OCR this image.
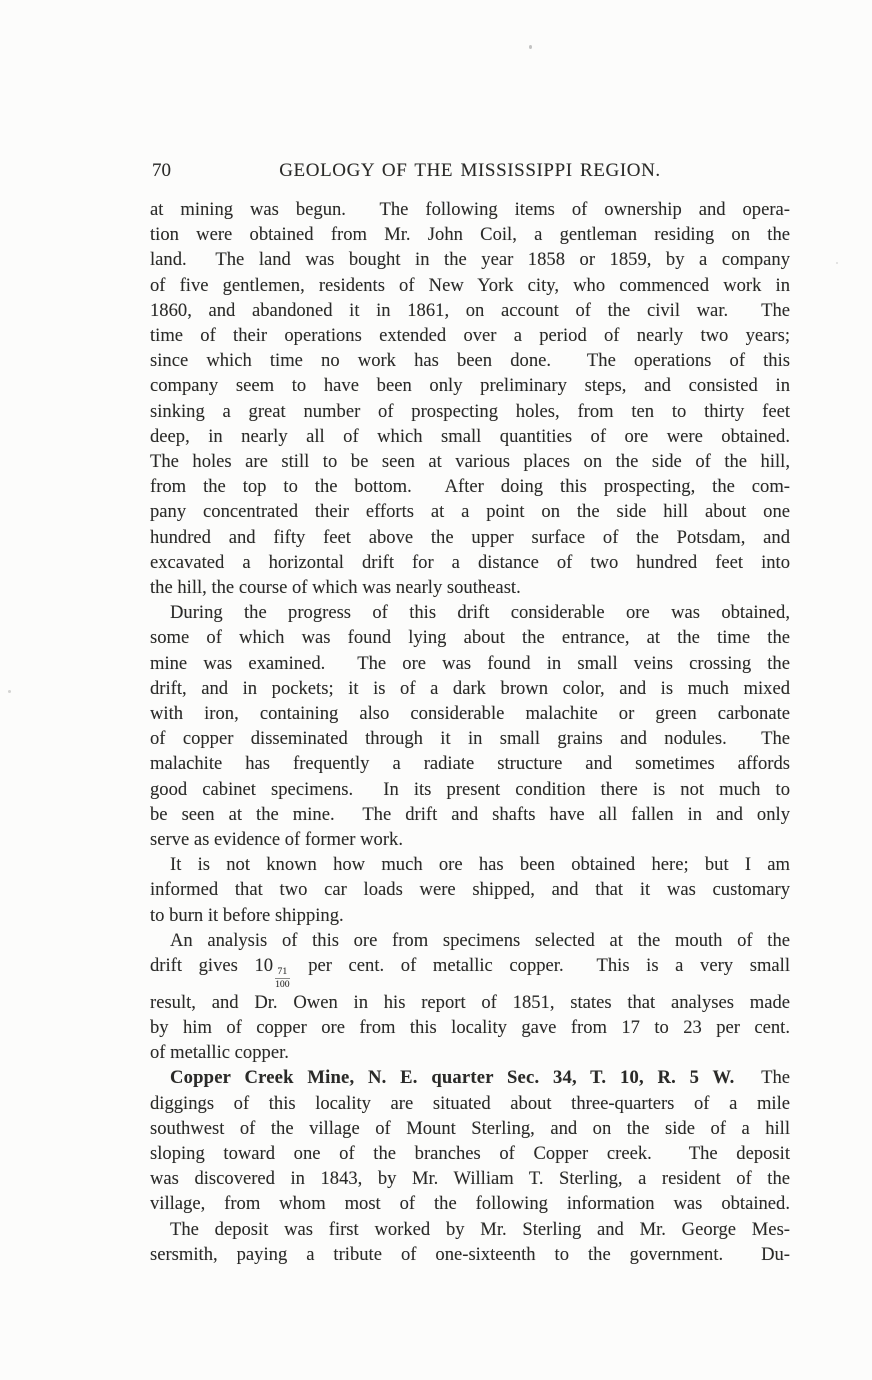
70	GEOLOGY OF THE MISSISSIPPI REGION.
at mining was begun.  The following items of ownership and opera-
tion were obtained from Mr. John Coil, a gentleman residing on the
land.  The land was bought in the year 1858 or 1859, by a company
of five gentlemen, residents of New York city, who commenced work in
1860, and abandoned it in 1861, on account of the civil war.  The
time of their operations extended over a period of nearly two years;
since which time no work has been done.  The operations of this
company seem to have been only preliminary steps, and consisted in
sinking a great number of prospecting holes, from ten to thirty feet
deep, in nearly all of which small quantities of ore were obtained.
The holes are still to be seen at various places on the side of the hill,
from the top to the bottom.  After doing this prospecting, the com-
pany concentrated their efforts at a point on the side hill about one
hundred and fifty feet above the upper surface of the Potsdam, and
excavated a horizontal drift for a distance of two hundred feet into
the hill, the course of which was nearly southeast.
During the progress of this drift considerable ore was obtained,
some of which was found lying about the entrance, at the time the
mine was examined.  The ore was found in small veins crossing the
drift, and in pockets; it is of a dark brown color, and is much mixed
with iron, containing also considerable malachite or green carbonate
of copper disseminated through it in small grains and nodules.  The
malachite has frequently a radiate structure and sometimes affords
good cabinet specimens.  In its present condition there is not much to
be seen at the mine.  The drift and shafts have all fallen in and only
serve as evidence of former work.
It is not known how much ore has been obtained here; but I am
informed that two car loads were shipped, and that it was customary
to burn it before shipping.
An analysis of this ore from specimens selected at the mouth of the
drift gives 10
$\frac{71}{100}$
per cent. of metallic copper.  This is a very small
result, and Dr. Owen in his report of 1851, states that analyses made
by him of copper ore from this locality gave from 17 to 23 per cent.
of metallic copper.
Copper Creek Mine, N. E. quarter Sec. 34, T. 10, R. 5 W.  The
diggings of this locality are situated about three-quarters of a mile
southwest of the village of Mount Sterling, and on the side of a hill
sloping toward one of the branches of Copper creek.  The deposit
was discovered in 1843, by Mr. William T. Sterling, a resident of the
village, from whom most of the following information was obtained.
The deposit was first worked by Mr. Sterling and Mr. George Mes-
sersmith, paying a tribute of one-sixteenth to the government.  Du-
